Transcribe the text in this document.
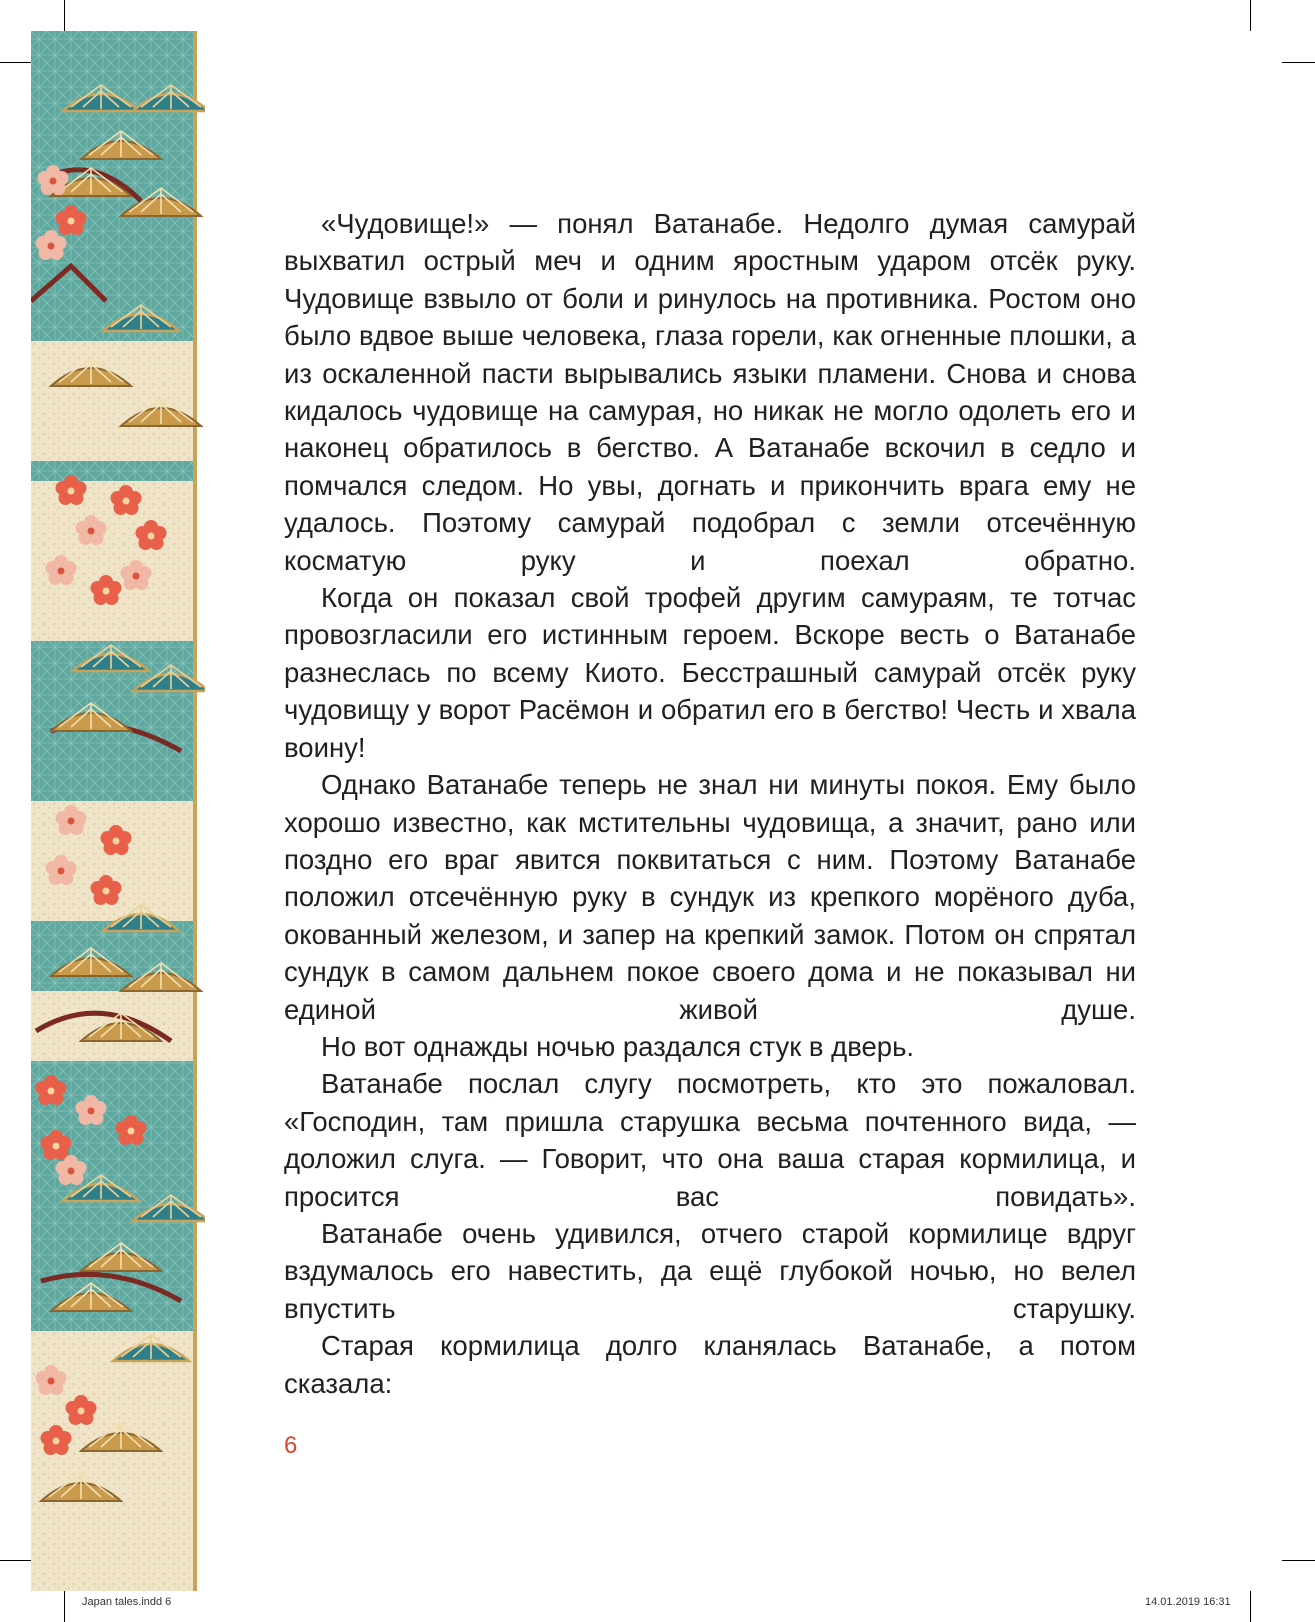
«Чудовище!» — понял Ватанабе. Недолго думая самурай выхватил острый меч и одним яростным ударом отсёк руку. Чудовище взвыло от боли и ринулось на противника. Ростом оно было вдвое выше человека, глаза горели, как огненные плошки, а из оскаленной пасти вырывались языки пламени. Снова и снова кидалось чудовище на самурая, но никак не могло одолеть его и наконец обратилось в бегство. А Ватанабе вскочил в седло и помчался следом. Но увы, догнать и прикончить врага ему не удалось. Поэтому самурай подобрал с земли отсечённую косматую руку и поехал обратно.

Когда он показал свой трофей другим самураям, те тотчас провозгласили его истинным героем. Вскоре весть о Ватанабе разнеслась по всему Киото. Бесстрашный самурай отсёк руку чудовищу у ворот Расёмон и обратил его в бегство! Честь и хвала воину!

Однако Ватанабе теперь не знал ни минуты покоя. Ему было хорошо известно, как мстительны чудовища, а значит, рано или поздно его враг явится поквитаться с ним. Поэтому Ватанабе положил отсечённую руку в сундук из крепкого морёного дуба, окованный железом, и запер на крепкий замок. Потом он спрятал сундук в самом дальнем покое своего дома и не показывал ни единой живой душе.

Но вот однажды ночью раздался стук в дверь.

Ватанабе послал слугу посмотреть, кто это пожаловал. «Господин, там пришла старушка весьма почтенного вида, — доложил слуга. — Говорит, что она ваша старая кормилица, и просится вас повидать».

Ватанабе очень удивился, отчего старой кормилице вдруг вздумалось его навестить, да ещё глубокой ночью, но велел впустить старушку.

Старая кормилица долго кланялась Ватанабе, а потом сказала:

6
Japan tales.indd 6	14.01.2019 16:31
